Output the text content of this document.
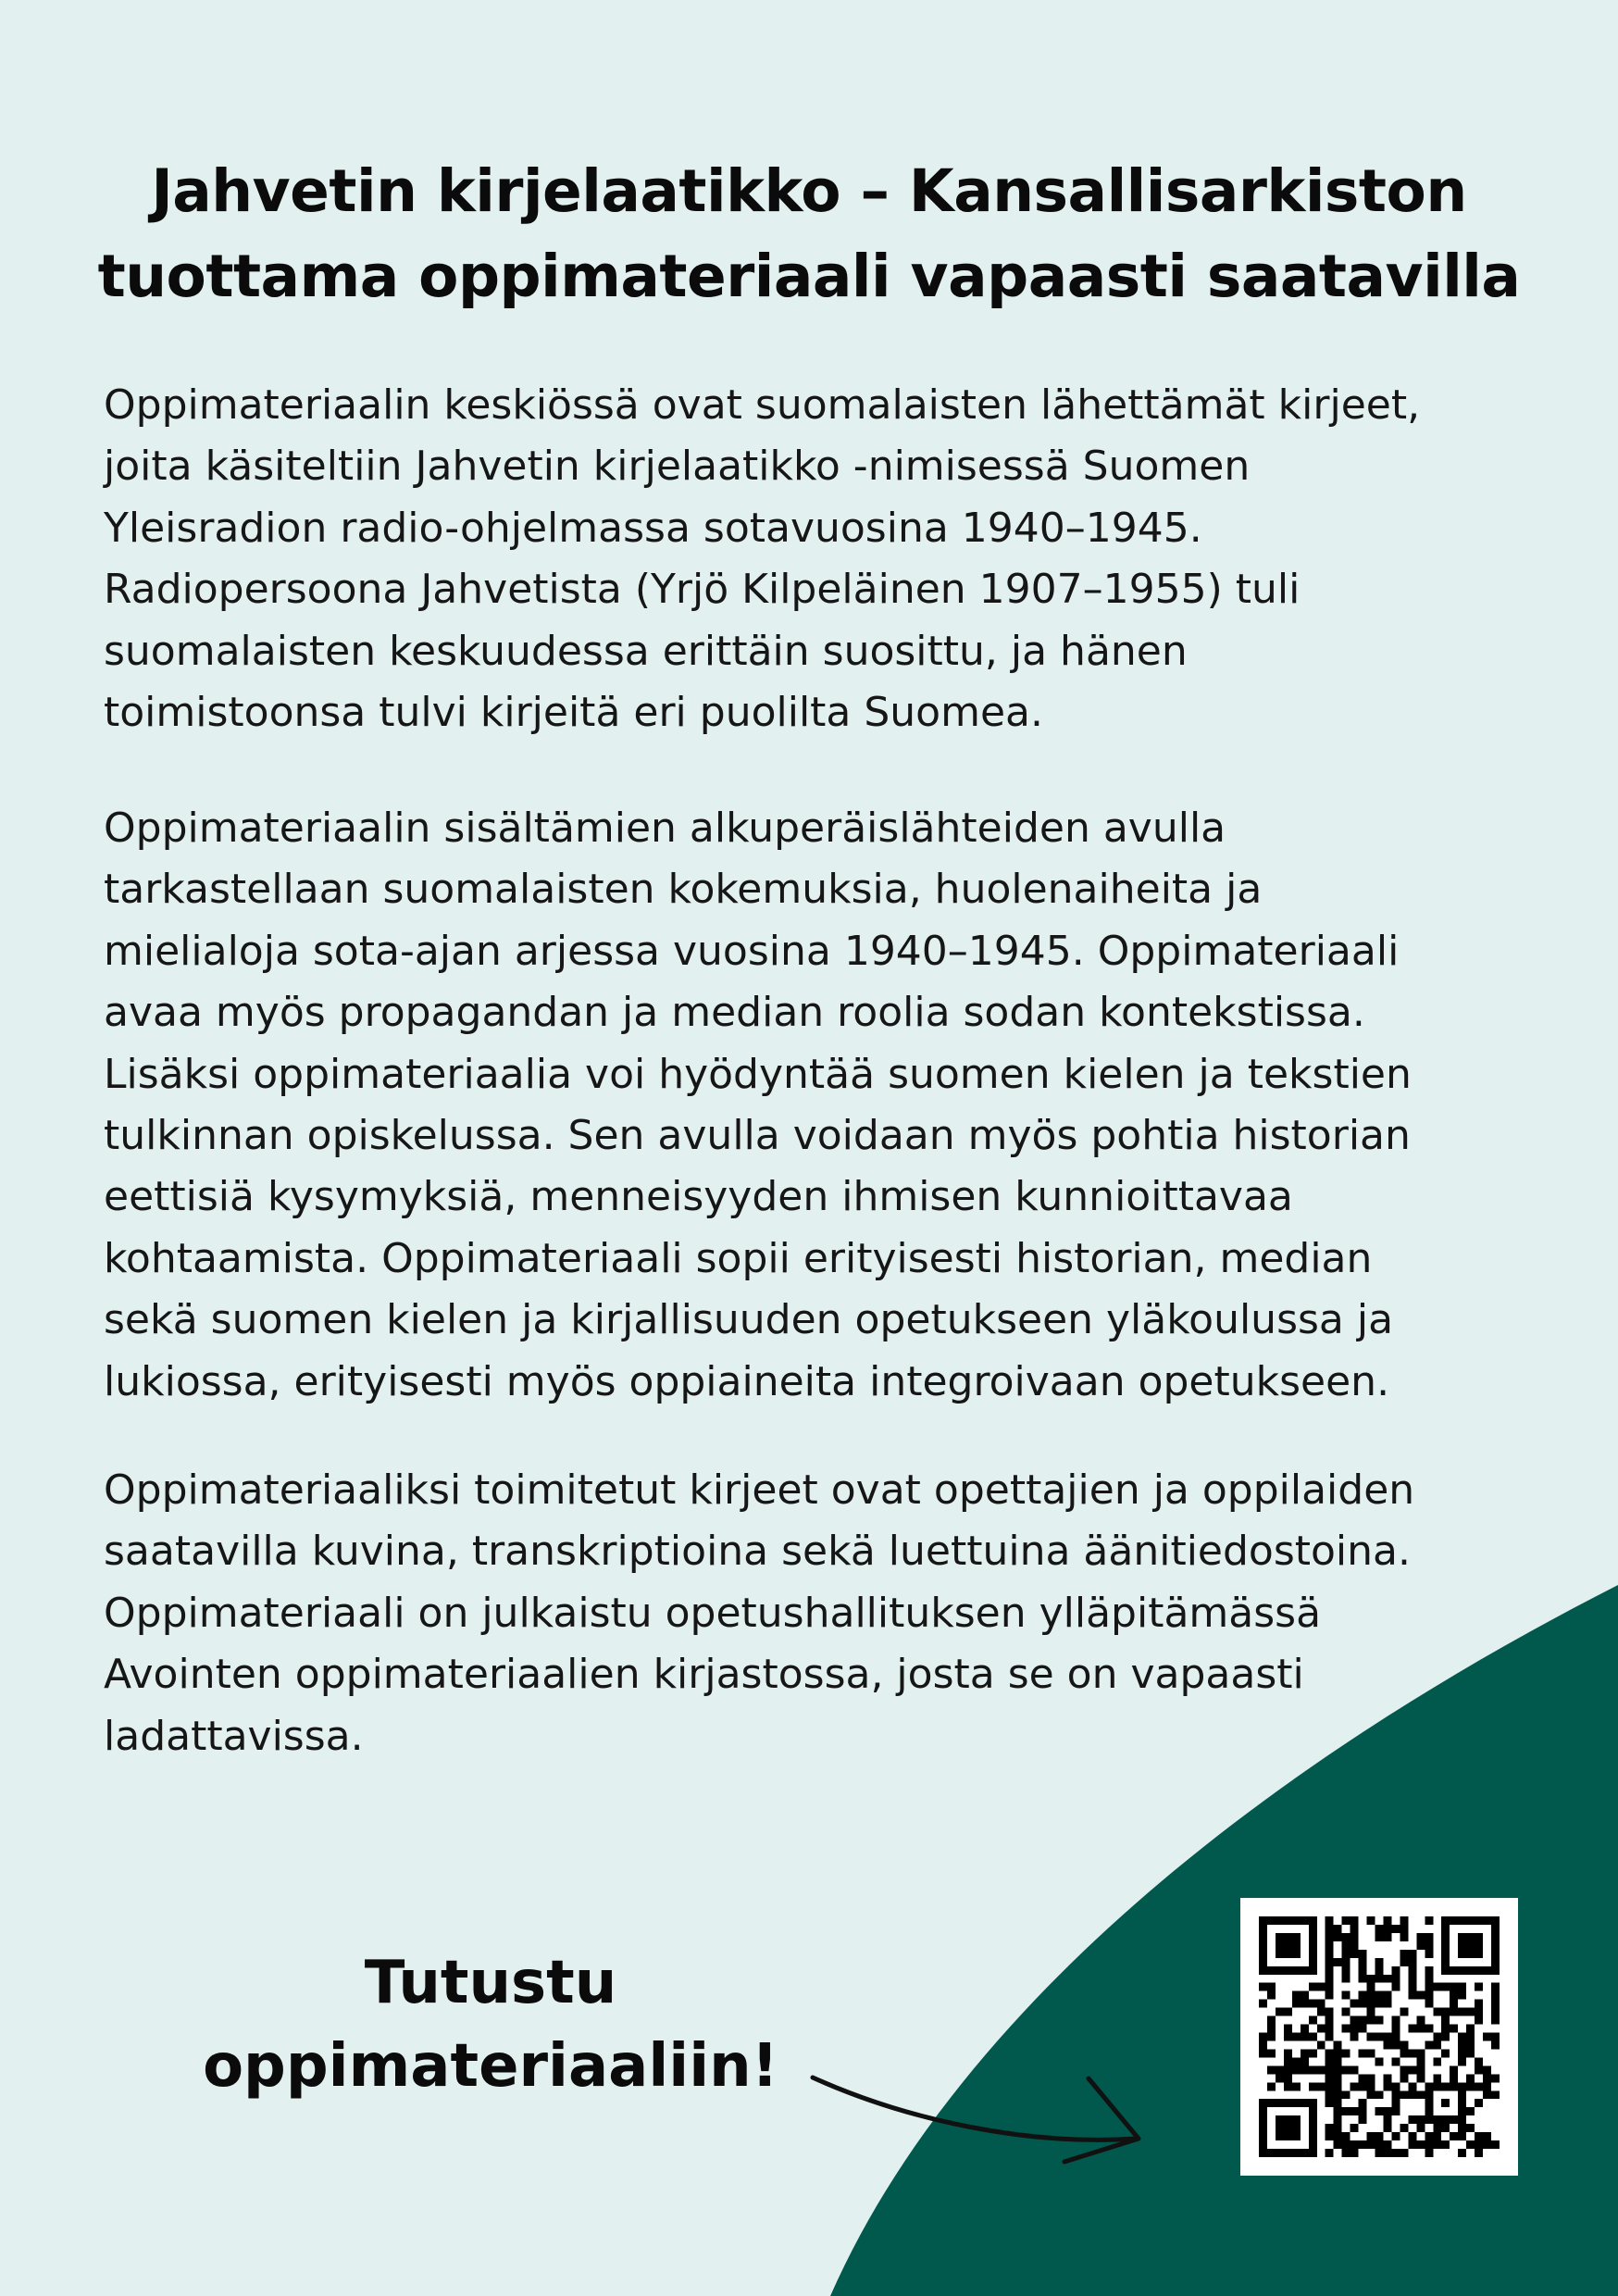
Jahvetin kirjelaatikko – Kansallisarkiston
tuottama oppimateriaali vapaasti saatavilla
Oppimateriaalin keskiössä ovat suomalaisten lähettämät kirjeet,
joita käsiteltiin Jahvetin kirjelaatikko -nimisessä Suomen
Yleisradion radio-ohjelmassa sotavuosina 1940–1945.
Radiopersoona Jahvetista (Yrjö Kilpeläinen 1907–1955) tuli
suomalaisten keskuudessa erittäin suosittu, ja hänen
toimistoonsa tulvi kirjeitä eri puolilta Suomea.
Oppimateriaalin sisältämien alkuperäislähteiden avulla
tarkastellaan suomalaisten kokemuksia, huolenaiheita ja
mielialoja sota-ajan arjessa vuosina 1940–1945. Oppimateriaali
avaa myös propagandan ja median roolia sodan kontekstissa.
Lisäksi oppimateriaalia voi hyödyntää suomen kielen ja tekstien
tulkinnan opiskelussa. Sen avulla voidaan myös pohtia historian
eettisiä kysymyksiä, menneisyyden ihmisen kunnioittavaa
kohtaamista. Oppimateriaali sopii erityisesti historian, median
sekä suomen kielen ja kirjallisuuden opetukseen yläkoulussa ja
lukiossa, erityisesti myös oppiaineita integroivaan opetukseen.
Oppimateriaaliksi toimitetut kirjeet ovat opettajien ja oppilaiden
saatavilla kuvina, transkriptioina sekä luettuina äänitiedostoina.
Oppimateriaali on julkaistu opetushallituksen ylläpitämässä
Avointen oppimateriaalien kirjastossa, josta se on vapaasti
ladattavissa.
Tutustu
oppimateriaaliin!
